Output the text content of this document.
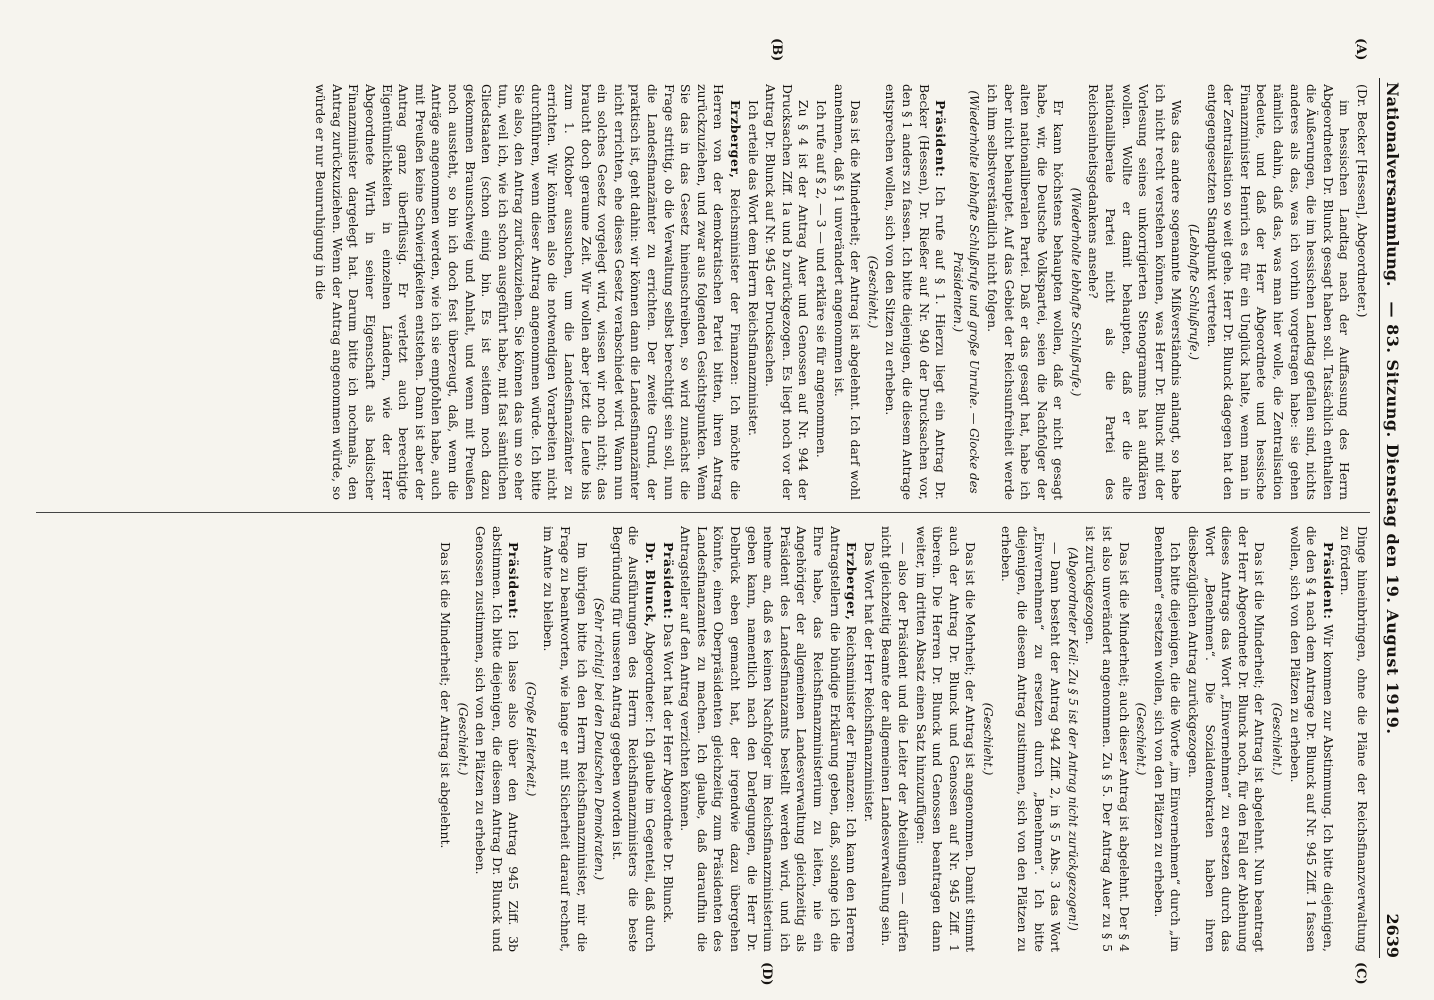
Nationalversammlung.
— 83. Sitzung. Dienstag den 19. August 1919.
2639
(A)
(B)
(C)
(D)

(Dr. Becker [Hessen], Abgeordneter.)

im hessischen Landtag nach der Auffassung des Herrn Abgeordneten Dr. Blunck gesagt haben soll. Tatsächlich enthalten die Äußerungen, die im hessischen Landtag gefallen sind, nichts anderes als das, was ich vorhin vorgetragen habe: sie gehen nämlich dahin, daß das, was man hier wolle, die Zentralisation bedeute, und daß der Herr Abgeordnete und hessische Finanzminister Henrich es für ein Unglück halte, wenn man in der Zentralisation so weit gehe. Herr Dr. Blunck dagegen hat den entgegengesetzten Standpunkt vertreten.

(Lebhafte Schlußrufe.)

Was das andere sogenannte Mißverständnis anlangt, so habe ich nicht recht verstehen können, was Herr Dr. Blunck mit der Vorlesung seines unkorrigierten Stenogramms hat aufklären wollen. Wollte er damit behaupten, daß er die alte nationalliberale Partei nicht als die Partei des Reichseinheitsgedankens ansehe?

(Wiederholte lebhafte Schlußrufe.)

Er kann höchstens behaupten wollen, daß er nicht gesagt habe, wir, die Deutsche Volkspartei, seien die Nachfolger der alten nationalliberalen Partei. Daß er das gesagt hat, habe ich aber nicht behauptet. Auf das Gebiet der Reichsunfreiheit werde ich ihm selbstverständlich nicht folgen.

(Wiederholte lebhafte Schlußrufe und große Unruhe. — Glocke des Präsidenten.)

Präsident: Ich rufe auf § 1. Hierzu liegt ein Antrag Dr. Becker (Hessen), Dr. Rießer auf Nr. 940 der Drucksachen vor, den § 1 anders zu fassen. Ich bitte diejenigen, die diesem Antrage entsprechen wollen, sich von den Sitzen zu erheben.

(Geschieht.)

Das ist die Minderheit; der Antrag ist abgelehnt. Ich darf wohl annehmen, daß § 1 unverändert angenommen ist.

Ich rufe auf § 2, — 3 — und erkläre sie für angenommen.

Zu § 4 ist der Antrag Auer und Genossen auf Nr. 944 der Drucksachen Ziff. 1a und b zurückgezogen. Es liegt noch vor der Antrag Dr. Blunck auf Nr. 945 der Drucksachen.

Ich erteile das Wort dem Herrn Reichsfinanzminister.

Erzberger, Reichsminister der Finanzen: Ich möchte die Herren von der demokratischen Partei bitten, ihren Antrag zurückzuziehen, und zwar aus folgenden Gesichtspunkten. Wenn Sie das in das Gesetz hineinschreiben, so wird zunächst die Frage strittig, ob die Verwaltung selbst berechtigt sein soll, nun die Landesfinanzämter zu errichten. Der zweite Grund, der praktisch ist, geht dahin: wir können dann die Landesfinanzämter nicht errichten, ehe dieses Gesetz verabschiedet wird. Wann nun ein solches Gesetz vorgelegt wird, wissen wir noch nicht; das braucht doch geraume Zeit. Wir wollen aber jetzt die Leute bis zum 1. Oktober aussuchen, um die Landesfinanzämter zu errichten. Wir könnten also die notwendigen Vorarbeiten nicht durchführen, wenn dieser Antrag angenommen würde. Ich bitte Sie also, den Antrag zurückzuziehen. Sie können das um so eher tun, weil ich, wie ich schon ausgeführt habe, mit fast sämtlichen Gliedstaaten (schon einig bin. Es ist seitdem noch dazu gekommen Braunschweig und Anhalt, und wenn mit Preußen noch aussteht, so bin ich doch fest überzeugt, daß, wenn die Anträge angenommen werden, wie ich sie empfohlen habe, auch mit Preußen keine Schwierigkeiten entstehen. Dann ist aber der Antrag ganz überflüssig. Er verletzt auch berechtigte Eigentümlichkeiten in einzelnen Ländern, wie der Herr Abgeordnete Wirth in seiner Eigenschaft als badischer Finanzminister dargelegt hat. Darum bitte ich nochmals, den Antrag zurückzuziehen. Wenn der Antrag angenommen würde, so würde er nur Beunruhigung in die

Dinge hineinbringen, ohne die Pläne der Reichsfinanzverwaltung zu fördern.

Präsident: Wir kommen zur Abstimmung. Ich bitte diejenigen, die den § 4 nach dem Antrage Dr. Blunck auf Nr. 945 Ziff. 1 fassen wollen, sich von den Plätzen zu erheben.

(Geschieht.)

Das ist die Minderheit; der Antrag ist abgelehnt. Nun beantragt der Herr Abgeordnete Dr. Blunck noch, für den Fall der Ablehnung dieses Antrags das Wort „Einvernehmen“ zu ersetzen durch das Wort „Benehmen“. Die Sozialdemokraten haben ihren diesbezüglichen Antrag zurückgezogen.

Ich bitte diejenigen, die die Worte „im Einvernehmen“ durch „im Benehmen“ ersetzen wollen, sich von den Plätzen zu erheben.

(Geschieht.)

Das ist die Minderheit; auch dieser Antrag ist abgelehnt. Der § 4 ist also unverändert angenommen. Zu § 5. Der Antrag Auer zu § 5 ist zurückgezogen.

(Abgeordneter Keil: Zu § 5 ist der Antrag nicht zurückgezogen!)

— Dann besteht der Antrag 944 Ziff. 2, in § 5 Abs. 3 das Wort „Einvernehmen“ zu ersetzen durch „Benehmen“. Ich bitte diejenigen, die diesem Antrag zustimmen, sich von den Plätzen zu erheben.

(Geschieht.)

Das ist die Mehrheit; der Antrag ist angenommen. Damit stimmt auch der Antrag Dr. Blunck und Genossen auf Nr. 945 Ziff. 1 überein. Die Herren Dr. Blunck und Genossen beantragen dann weiter, im dritten Absatz einen Satz hinzuzufügen:

— also der Präsident und die Leiter der Abteilungen — dürfen nicht gleichzeitig Beamte der allgemeinen Landesverwaltung sein.

Das Wort hat der Herr Reichsfinanzminister.

Erzberger, Reichsminister der Finanzen: Ich kann den Herren Antragstellern die bündige Erklärung geben, daß, solange ich die Ehre habe, das Reichsfinanzministerium zu leiten, nie ein Angehöriger der allgemeinen Landesverwaltung gleichzeitig als Präsident des Landesfinanzamts bestellt werden wird, und ich nehme an, daß es keinen Nachfolger im Reichsfinanzministerium geben kann, namentlich nach den Darlegungen, die Herr Dr. Delbrück eben gemacht hat, der irgendwie dazu übergehen könnte, einen Oberpräsidenten gleichzeitig zum Präsidenten des Landesfinanzamtes zu machen. Ich glaube, daß daraufhin die Antragsteller auf den Antrag verzichten können.

Präsident: Das Wort hat der Herr Abgeordnete Dr. Blunck.

Dr. Blunck, Abgeordneter: Ich glaube im Gegenteil, daß durch die Ausführungen des Herrn Reichsfinanzministers die beste Begründung für unseren Antrag gegeben worden ist.

(Sehr richtig! bei den Deutschen Demokraten.)

Im übrigen bitte ich den Herrn Reichsfinanzminister, mir die Frage zu beantworten, wie lange er mit Sicherheit darauf rechnet, im Amte zu bleiben.

(Große Heiterkeit.)

Präsident: Ich lasse also über den Antrag 945 Ziff. 3b abstimmen. Ich bitte diejenigen, die diesem Antrag Dr. Blunck und Genossen zustimmen, sich von den Plätzen zu erheben.

(Geschieht.)

Das ist die Minderheit; der Antrag ist abgelehnt.
